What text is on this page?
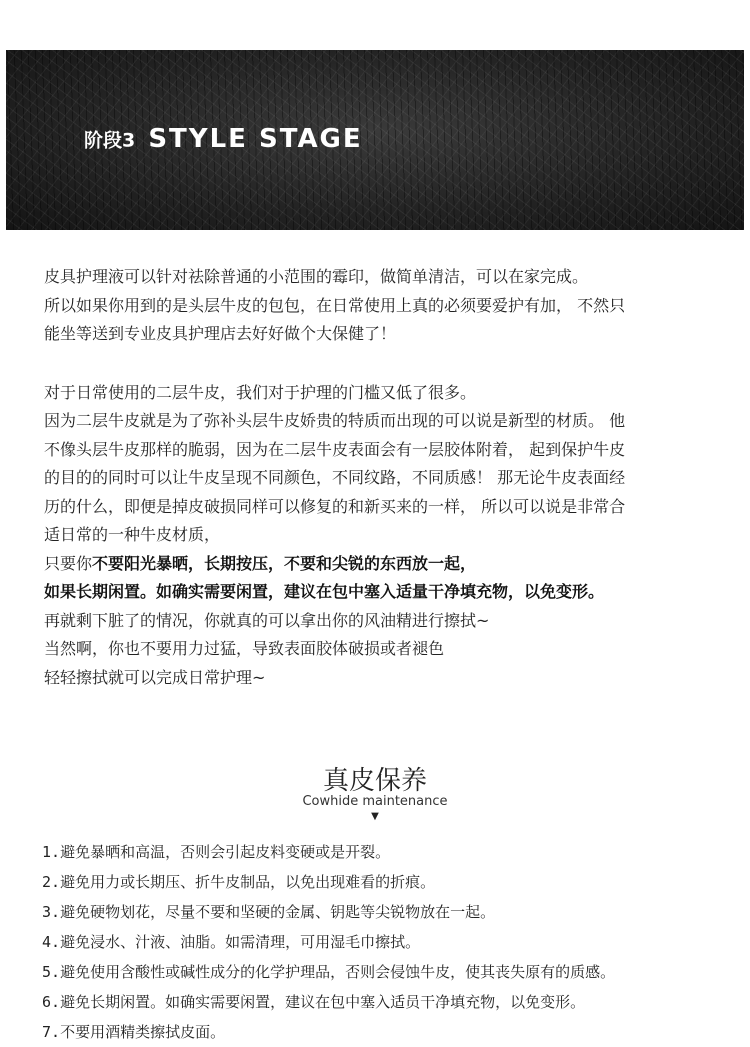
阶段3 STYLE STAGE

皮具护理液可以针对祛除普通的小范围的霉印，做简单清洁，可以在家完成。

所以如果你用到的是头层牛皮的包包，在日常使用上真的必须要爱护有加， 不然只

能坐等送到专业皮具护理店去好好做个大保健了！

对于日常使用的二层牛皮，我们对于护理的门槛又低了很多。

因为二层牛皮就是为了弥补头层牛皮娇贵的特质而出现的可以说是新型的材质。 他

不像头层牛皮那样的脆弱，因为在二层牛皮表面会有一层胶体附着， 起到保护牛皮

的目的的同时可以让牛皮呈现不同颜色，不同纹路，不同质感！ 那无论牛皮表面经

历的什么，即便是掉皮破损同样可以修复的和新买来的一样， 所以可以说是非常合

适日常的一种牛皮材质，

只要你不要阳光暴晒，长期按压，不要和尖锐的东西放一起，

如果长期闲置。如确实需要闲置，建议在包中塞入适量干净填充物，以免变形。

再就剩下脏了的情况，你就真的可以拿出你的风油精进行擦拭~

当然啊，你也不要用力过猛，导致表面胶体破损或者褪色

轻轻擦拭就可以完成日常护理~

真皮保养
Cowhide maintenance
▼
1.避免暴晒和高温，否则会引起皮料变硬或是开裂。
2.避免用力或长期压、折牛皮制品，以免出现难看的折痕。
3.避免硬物划花，尽量不要和坚硬的金属、钥匙等尖锐物放在一起。
4.避免浸水、汁液、油脂。如需清理，可用湿毛巾擦拭。
5.避免使用含酸性或碱性成分的化学护理品，否则会侵蚀牛皮，使其丧失原有的质感。
6.避免长期闲置。如确实需要闲置，建议在包中塞入适员干净填充物，以免变形。
7.不要用酒精类擦拭皮面。
